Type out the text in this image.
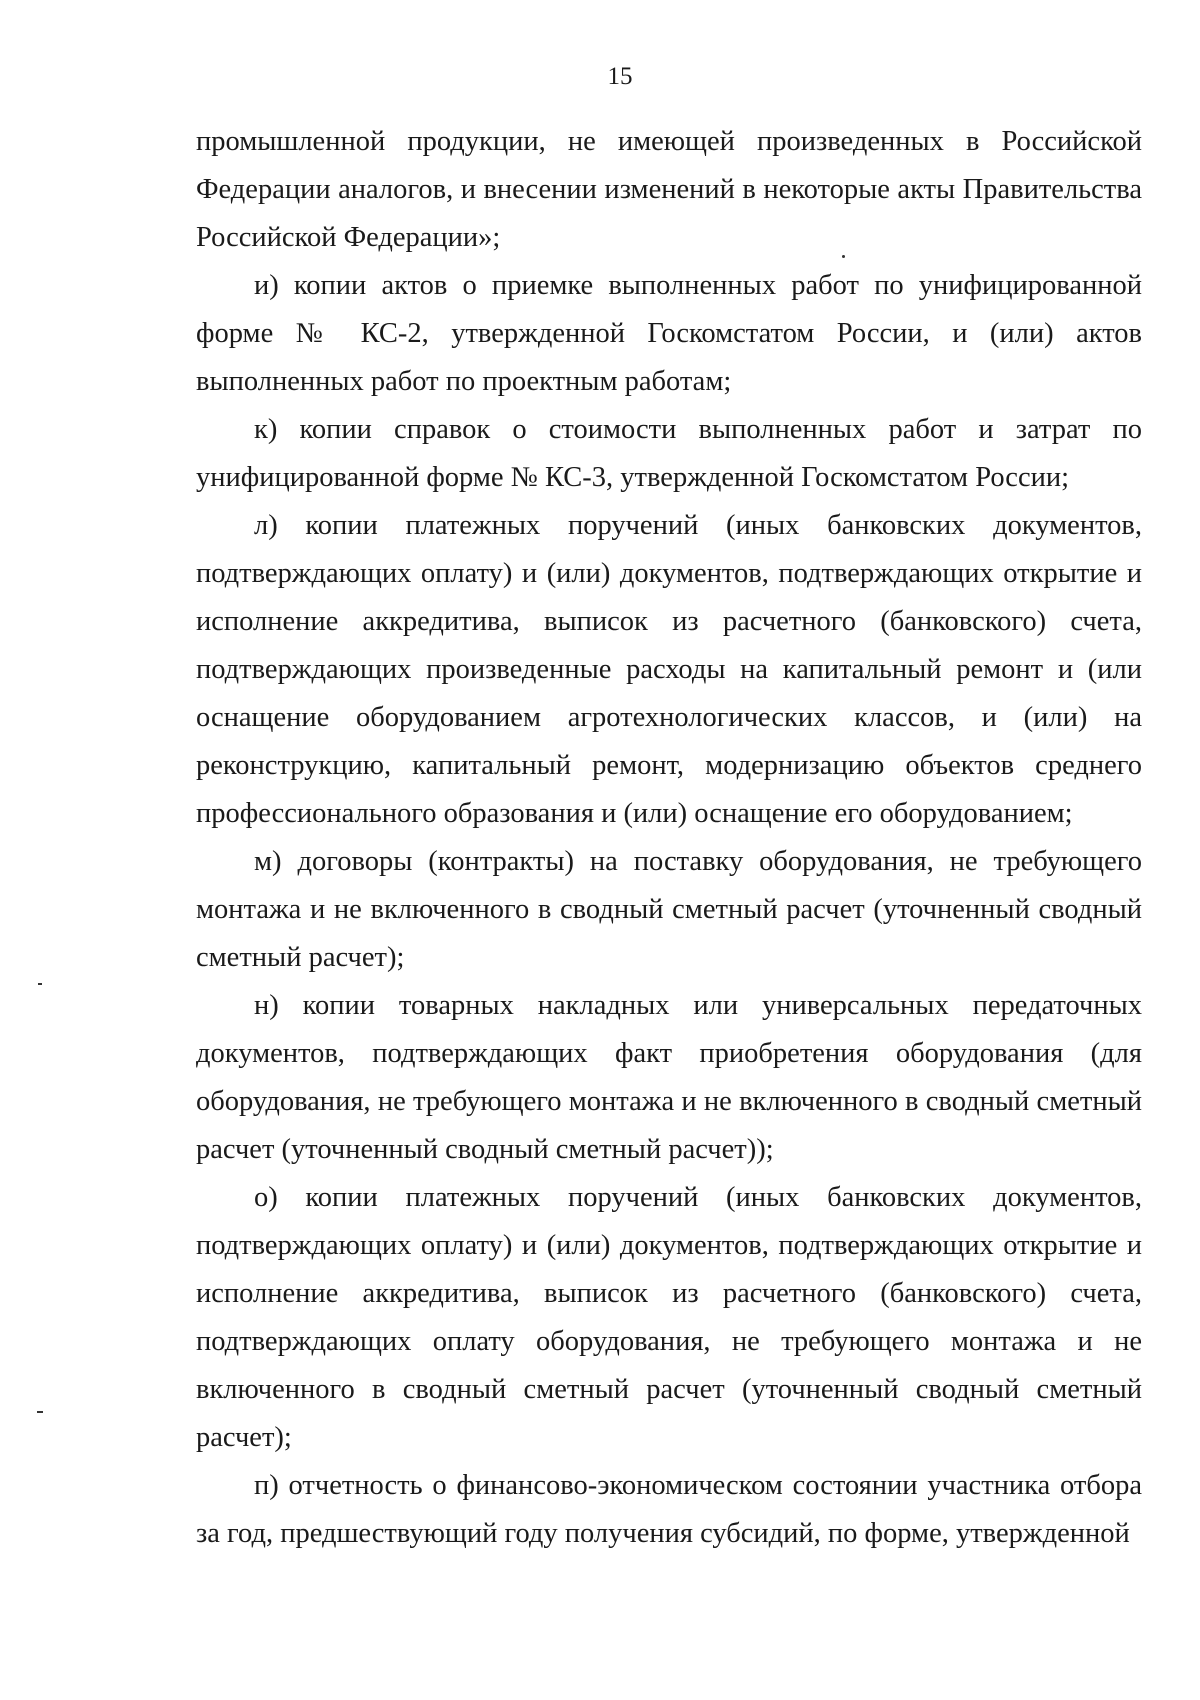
15

промышленной продукции, не имеющей произведенных в Российской Федерации аналогов, и внесении изменений в некоторые акты Правительства Российской Федерации»;

и) копии актов о приемке выполненных работ по унифицированной форме № КС-2, утвержденной Госкомстатом России, и (или) актов выполненных работ по проектным работам;

к) копии справок о стоимости выполненных работ и затрат по унифицированной форме № КС-3, утвержденной Госкомстатом России;

л) копии платежных поручений (иных банковских документов, подтверждающих оплату) и (или) документов, подтверждающих открытие и исполнение аккредитива, выписок из расчетного (банковского) счета, подтверждающих произведенные расходы на капитальный ремонт и (или оснащение оборудованием агротехнологических классов, и (или) на реконструкцию, капитальный ремонт, модернизацию объектов среднего профессионального образования и (или) оснащение его оборудованием;

м) договоры (контракты) на поставку оборудования, не требующего монтажа и не включенного в сводный сметный расчет (уточненный сводный сметный расчет);

н) копии товарных накладных или универсальных передаточных документов, подтверждающих факт приобретения оборудования (для оборудования, не требующего монтажа и не включенного в сводный сметный расчет (уточненный сводный сметный расчет));

о) копии платежных поручений (иных банковских документов, подтверждающих оплату) и (или) документов, подтверждающих открытие и исполнение аккредитива, выписок из расчетного (банковского) счета, подтверждающих оплату оборудования, не требующего монтажа и не включенного в сводный сметный расчет (уточненный сводный сметный расчет);

п) отчетность о финансово-экономическом состоянии участника отбора за год, предшествующий году получения субсидий, по форме, утвержденной
